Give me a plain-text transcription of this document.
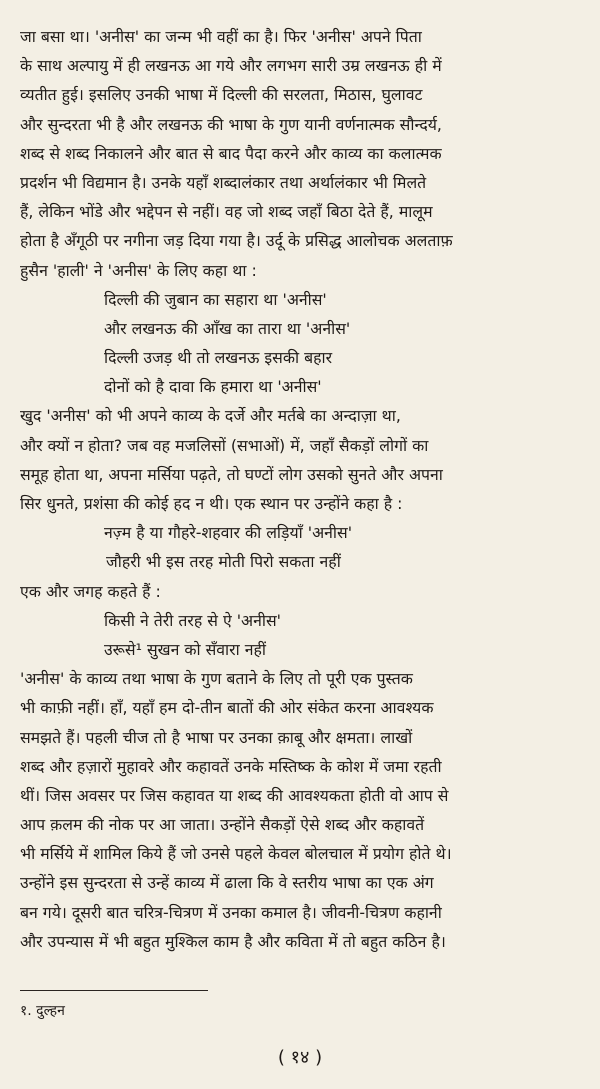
जा बसा था। 'अनीस' का जन्म भी वहीं का है। फिर 'अनीस' अपने पिता
के साथ अल्पायु में ही लखनऊ आ गये और लगभग सारी उम्र लखनऊ ही में
व्यतीत हुई। इसलिए उनकी भाषा में दिल्ली की सरलता, मिठास, घुलावट
और सुन्दरता भी है और लखनऊ की भाषा के गुण यानी वर्णनात्मक सौन्दर्य,
शब्द से शब्द निकालने और बात से बाद पैदा करने और काव्य का कलात्मक
प्रदर्शन भी विद्यमान है। उनके यहाँ शब्दालंकार तथा अर्थालंकार भी मिलते
हैं, लेकिन भोंडे और भद्देपन से नहीं। वह जो शब्द जहाँ बिठा देते हैं, मालूम
होता है अँगूठी पर नगीना जड़ दिया गया है। उर्दू के प्रसिद्ध आलोचक अलताफ़
हुसैन 'हाली' ने 'अनीस' के लिए कहा था :
दिल्ली की जुबान का सहारा था 'अनीस'
और लखनऊ की आँख का तारा था 'अनीस'
दिल्ली उजड़ थी तो लखनऊ इसकी बहार
दोनों को है दावा कि हमारा था 'अनीस'
खुद 'अनीस' को भी अपने काव्य के दर्जे और मर्तबे का अन्दाज़ा था,
और क्यों न होता? जब वह मजलिसों (सभाओं) में, जहाँ सैकड़ों लोगों का
समूह होता था, अपना मर्सिया पढ़ते, तो घण्टों लोग उसको सुनते और अपना
सिर धुनते, प्रशंसा की कोई हद न थी। एक स्थान पर उन्होंने कहा है :
नज़्म है या गौहरे-शहवार की लड़ियाँ 'अनीस'
जौहरी भी इस तरह मोती पिरो सकता नहीं
एक और जगह कहते हैं :
किसी ने तेरी तरह से ऐ 'अनीस'
उरूसे¹ सुखन को सँवारा नहीं
'अनीस' के काव्य तथा भाषा के गुण बताने के लिए तो पूरी एक पुस्तक
भी काफ़ी नहीं। हाँ, यहाँ हम दो-तीन बातों की ओर संकेत करना आवश्यक
समझते हैं। पहली चीज तो है भाषा पर उनका क़ाबू और क्षमता। लाखों
शब्द और हज़ारों मुहावरे और कहावतें उनके मस्तिष्क के कोश में जमा रहती
थीं। जिस अवसर पर जिस कहावत या शब्द की आवश्यकता होती वो आप से
आप क़लम की नोक पर आ जाता। उन्होंने सैकड़ों ऐसे शब्द और कहावतें
भी मर्सिये में शामिल किये हैं जो उनसे पहले केवल बोलचाल में प्रयोग होते थे।
उन्होंने इस सुन्दरता से उन्हें काव्य में ढाला कि वे स्तरीय भाषा का एक अंग
बन गये। दूसरी बात चरित्र-चित्रण में उनका कमाल है। जीवनी-चित्रण कहानी
और उपन्यास में भी बहुत मुश्किल काम है और कविता में तो बहुत कठिन है।
१. दुल्हन
( १४ )
